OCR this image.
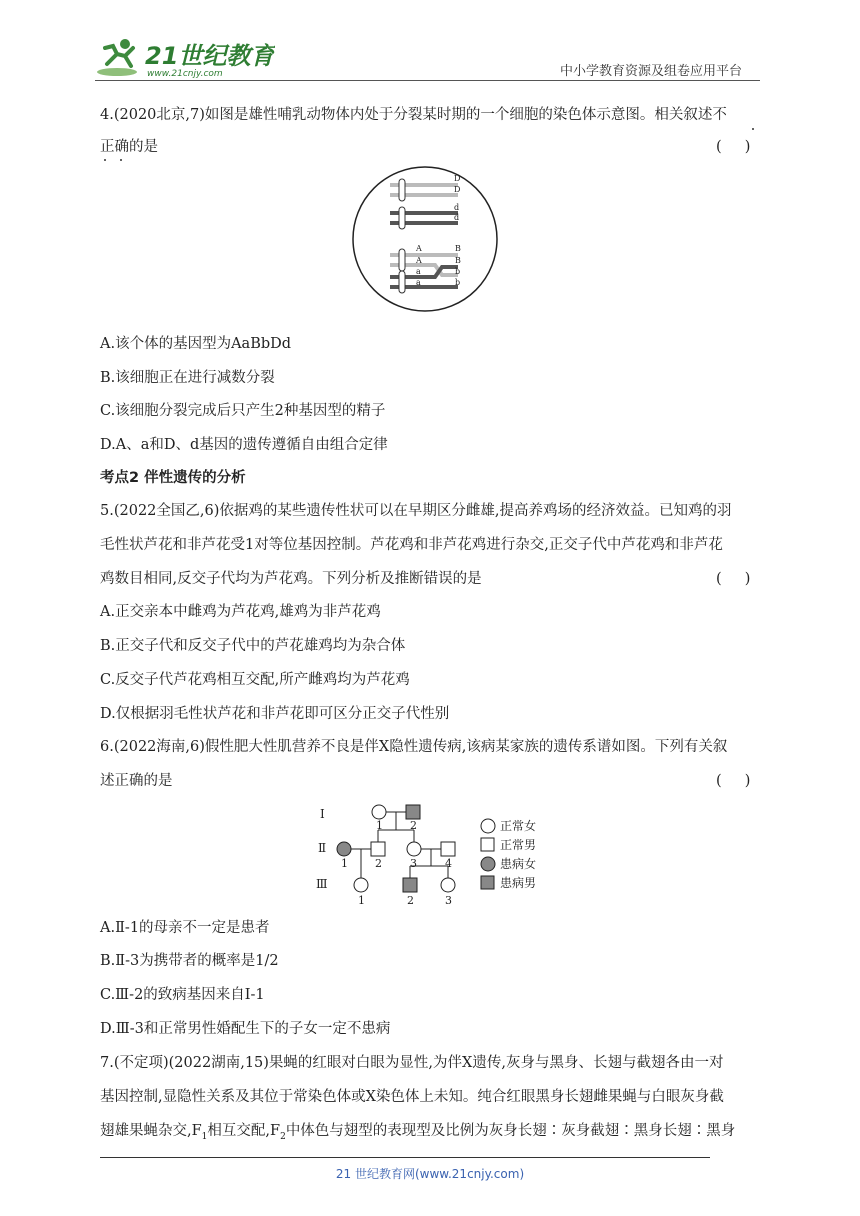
21世纪教育
www.21cnjy.com	中小学教育资源及组卷应用平台
4.(2020北京,7)如图是雄性哺乳动物体内处于分裂某时期的一个细胞的染色体示意图。相关叙述不
正确的是	(     )
D
D
d
d
A
A
a
a
B
B
b
b
A.该个体的基因型为AaBbDd
B.该细胞正在进行减数分裂
C.该细胞分裂完成后只产生2种基因型的精子
D.A、a和D、d基因的遗传遵循自由组合定律
考点2 伴性遗传的分析
5.(2022全国乙,6)依据鸡的某些遗传性状可以在早期区分雌雄,提高养鸡场的经济效益。已知鸡的羽
毛性状芦花和非芦花受1对等位基因控制。芦花鸡和非芦花鸡进行杂交,正交子代中芦花鸡和非芦花
鸡数目相同,反交子代均为芦花鸡。下列分析及推断错误的是	(     )
A.正交亲本中雌鸡为芦花鸡,雄鸡为非芦花鸡
B.正交子代和反交子代中的芦花雄鸡均为杂合体
C.反交子代芦花鸡相互交配,所产雌鸡均为芦花鸡
D.仅根据羽毛性状芦花和非芦花即可区分正交子代性别
6.(2022海南,6)假性肥大性肌营养不良是伴X隐性遗传病,该病某家族的遗传系谱如图。下列有关叙
述正确的是	(     )
Ⅰ
Ⅱ
Ⅲ
1 2
1 2	3	4
1	2	3
正常女
正常男
患病女
患病男
A.Ⅱ-1的母亲不一定是患者
B.Ⅱ-3为携带者的概率是1/2
C.Ⅲ-2的致病基因来自Ⅰ-1
D.Ⅲ-3和正常男性婚配生下的子女一定不患病
7.(不定项)(2022湖南,15)果蝇的红眼对白眼为显性,为伴X遗传,灰身与黑身、长翅与截翅各由一对
基因控制,显隐性关系及其位于常染色体或X染色体上未知。纯合红眼黑身长翅雌果蝇与白眼灰身截
翅雄果蝇杂交$,F_1$相互交配$,F_2$中体色与翅型的表现型及比例为灰身长翅∶灰身截翅∶黑身长翅∶黑身
21 世纪教育网(www.21cnjy.com)
